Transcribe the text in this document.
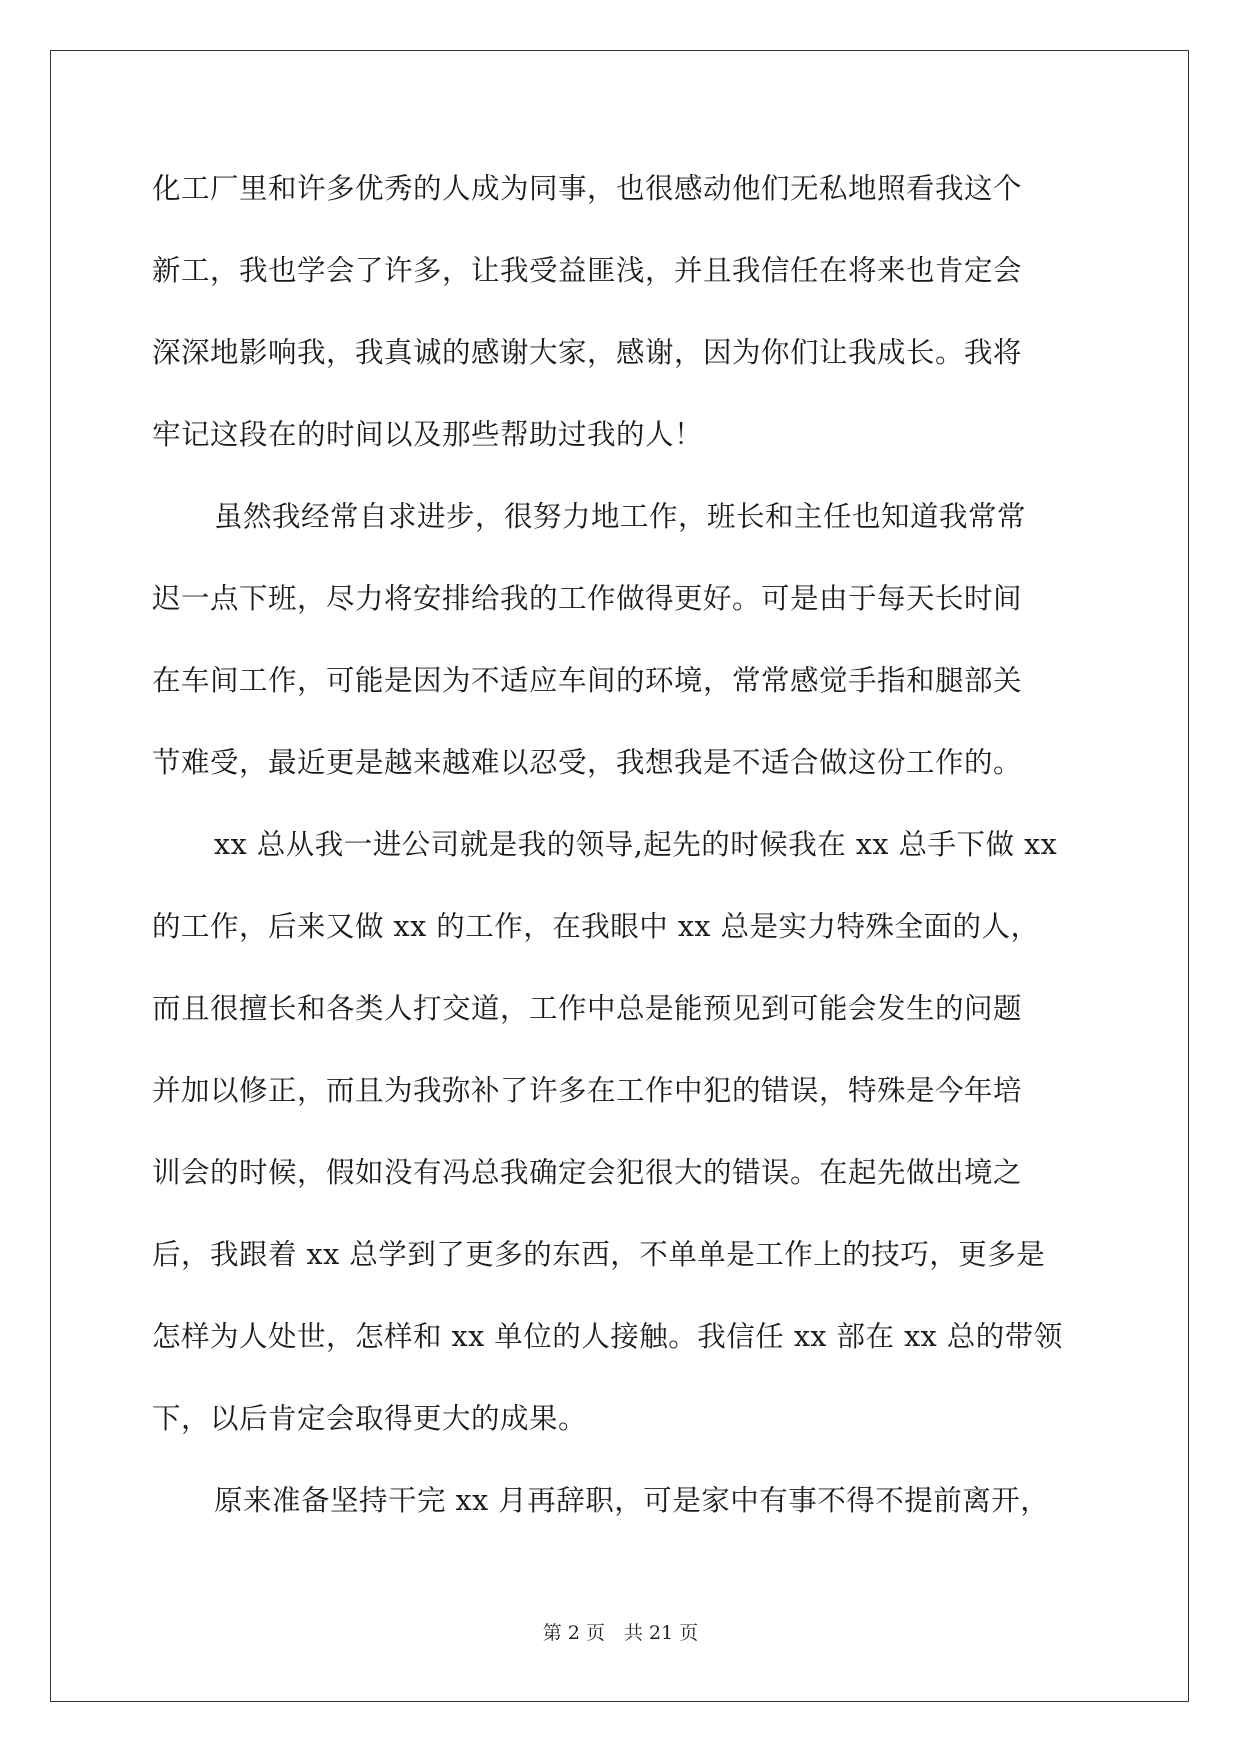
化工厂里和许多优秀的人成为同事，也很感动他们无私地照看我这个
新工，我也学会了许多，让我受益匪浅，并且我信任在将来也肯定会
深深地影响我，我真诚的感谢大家，感谢，因为你们让我成长。我将
牢记这段在的时间以及那些帮助过我的人！
虽然我经常自求进步，很努力地工作，班长和主任也知道我常常
迟一点下班，尽力将安排给我的工作做得更好。可是由于每天长时间
在车间工作，可能是因为不适应车间的环境，常常感觉手指和腿部关
节难受，最近更是越来越难以忍受，我想我是不适合做这份工作的。
xx 总从我一进公司就是我的领导,起先的时候我在 xx 总手下做 xx
的工作，后来又做 xx 的工作，在我眼中 xx 总是实力特殊全面的人，
而且很擅长和各类人打交道，工作中总是能预见到可能会发生的问题
并加以修正，而且为我弥补了许多在工作中犯的错误，特殊是今年培
训会的时候，假如没有冯总我确定会犯很大的错误。在起先做出境之
后，我跟着 xx 总学到了更多的东西，不单单是工作上的技巧，更多是
怎样为人处世，怎样和 xx 单位的人接触。我信任 xx 部在 xx 总的带领
下，以后肯定会取得更大的成果。
原来准备坚持干完 xx 月再辞职，可是家中有事不得不提前离开，
第 2 页　共 21 页
